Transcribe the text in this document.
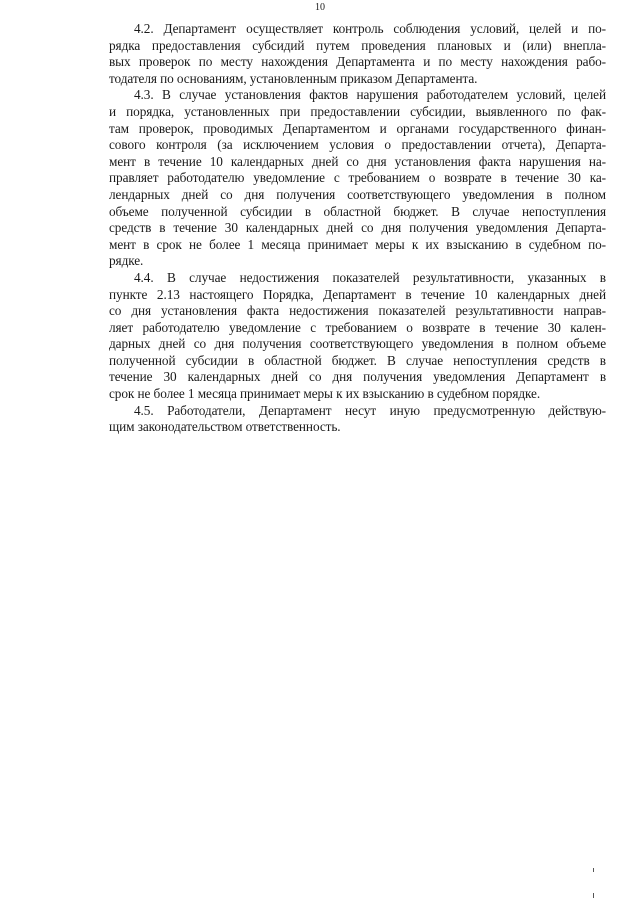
10

4.2. Департамент осуществляет контроль соблюдения условий, целей и по-
рядка предоставления субсидий путем проведения плановых и (или) внепла-
вых проверок по месту нахождения Департамента и по месту нахождения рабо-
тодателя по основаниям, установленным приказом Департамента.

4.3. В случае установления фактов нарушения работодателем условий, целей
и порядка, установленных при предоставлении субсидии, выявленного по фак-
там проверок, проводимых Департаментом и органами государственного финан-
сового контроля (за исключением условия о предоставлении отчета), Департа-
мент в течение 10 календарных дней со дня установления факта нарушения на-
правляет работодателю уведомление с требованием о возврате в течение 30 ка-
лендарных дней со дня получения соответствующего уведомления в полном
объеме полученной субсидии в областной бюджет. В случае непоступления
средств в течение 30 календарных дней со дня получения уведомления Департа-
мент в срок не более 1 месяца принимает меры к их взысканию в судебном по-
рядке.

4.4. В случае недостижения показателей результативности, указанных в
пункте 2.13 настоящего Порядка, Департамент в течение 10 календарных дней
со дня установления факта недостижения показателей результативности направ-
ляет работодателю уведомление с требованием о возврате в течение 30 кален-
дарных дней со дня получения соответствующего уведомления в полном объеме
полученной субсидии в областной бюджет. В случае непоступления средств в
течение 30 календарных дней со дня получения уведомления Департамент в
срок не более 1 месяца принимает меры к их взысканию в судебном порядке.

4.5. Работодатели, Департамент несут иную предусмотренную действую-
щим законодательством ответственность.
